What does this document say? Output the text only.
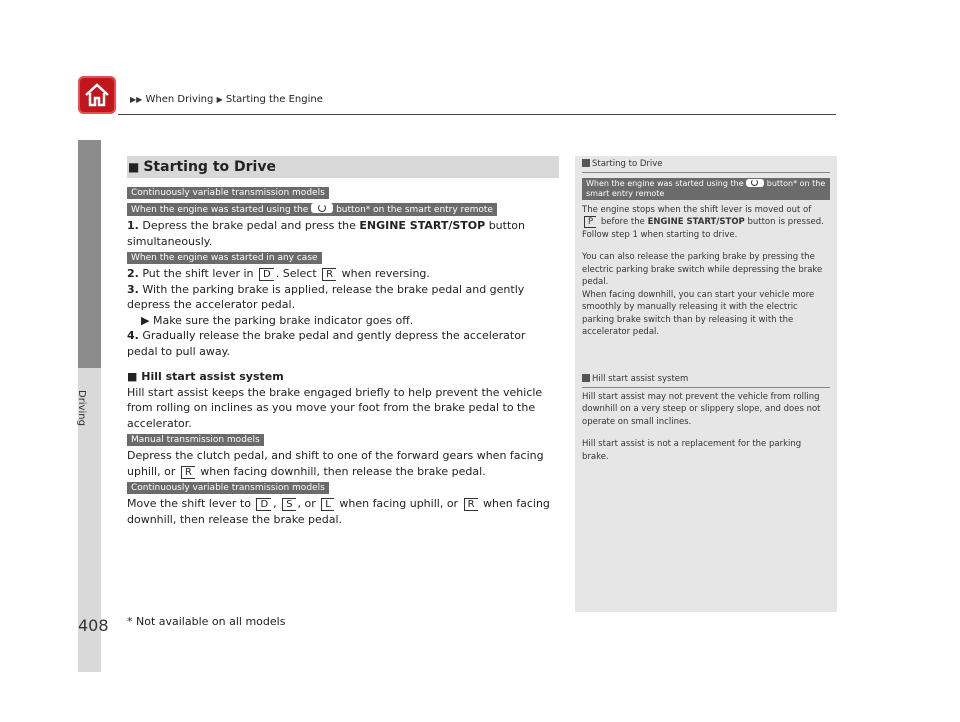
▶▶ When Driving ▶ Starting the Engine
Driving
408 * Not available on all models
■ Starting to Drive
Continuously variable transmission models
When the engine was started using the	button* on the smart entry remote

1. Depress the brake pedal and press the ENGINE START/STOP button simultaneously.

When the engine was started in any case

2. Put the shift lever in D . Select R when reversing.

3. With the parking brake is applied, release the brake pedal and gently depress the accelerator pedal.

▶ Make sure the parking brake indicator goes off.

4. Gradually release the brake pedal and gently depress the accelerator pedal to pull away.

■ Hill start assist system

Hill start assist keeps the brake engaged briefly to help prevent the vehicle from rolling on inclines as you move your foot from the brake pedal to the accelerator.

Manual transmission models

Depress the clutch pedal, and shift to one of the forward gears when facing uphill, or R when facing downhill, then release the brake pedal.

Continuously variable transmission models

Move the shift lever to D , S , or L when facing uphill, or R when facing downhill, then release the brake pedal.

Starting to Drive
When the engine was started using the	button* on the smart entry remote

The engine stops when the shift lever is moved out of P before the ENGINE START/STOP button is pressed. Follow step 1 when starting to drive.

You can also release the parking brake by pressing the electric parking brake switch while depressing the brake pedal.

When facing downhill, you can start your vehicle more smoothly by manually releasing it with the electric parking brake switch than by releasing it with the accelerator pedal.

Hill start assist system

Hill start assist may not prevent the vehicle from rolling downhill on a very steep or slippery slope, and does not operate on small inclines.

Hill start assist is not a replacement for the parking brake.
